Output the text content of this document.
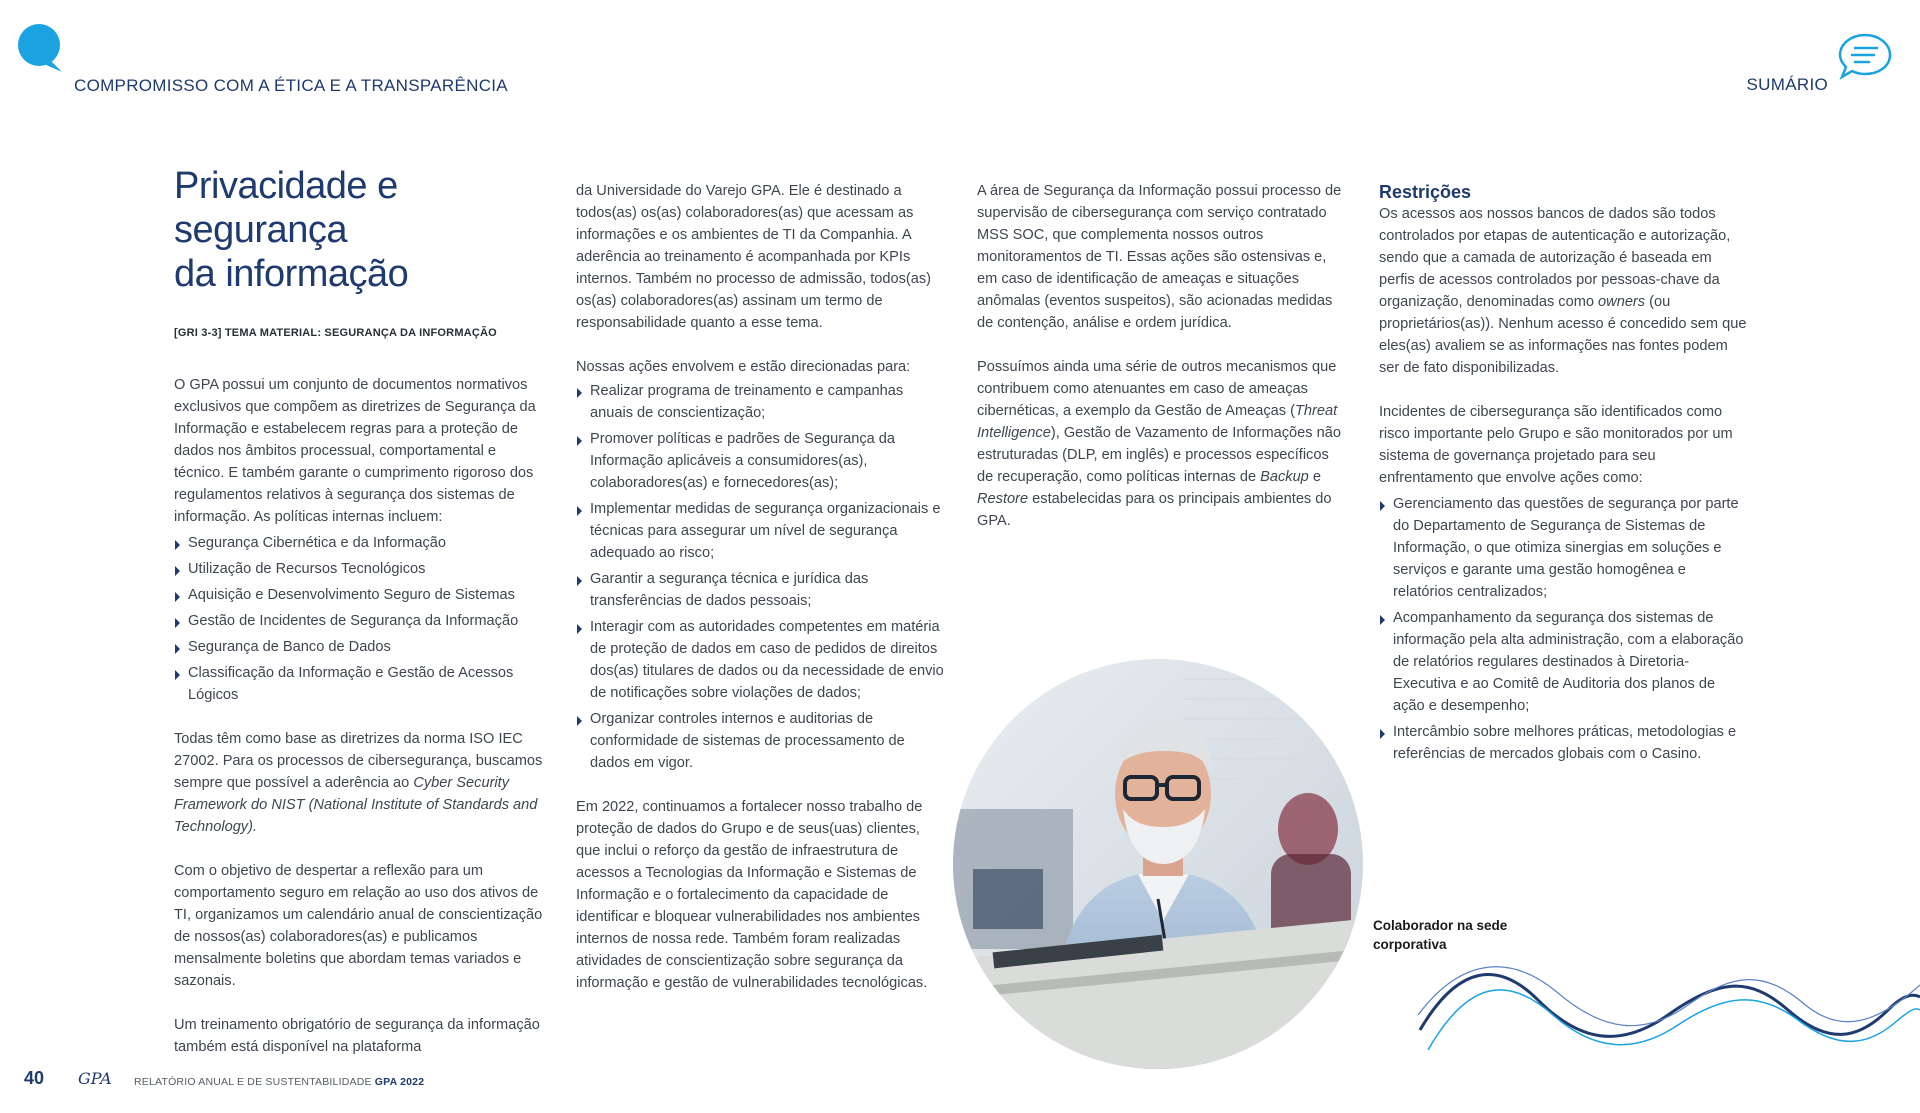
COMPROMISSO COM A ÉTICA E A TRANSPARÊNCIA	SUMÁRIO
Privacidade e segurança
da informação

[GRI 3-3] TEMA MATERIAL: SEGURANÇA DA INFORMAÇÃO

O GPA possui um conjunto de documentos normativos exclusivos que compõem as diretrizes de Segurança da Informação e estabelecem regras para a proteção de dados nos âmbitos processual, comportamental e técnico. E também garante o cumprimento rigoroso dos regulamentos relativos à segurança dos sistemas de informação. As políticas internas incluem:

Segurança Cibernética e da Informação
Utilização de Recursos Tecnológicos
Aquisição e Desenvolvimento Seguro de Sistemas
Gestão de Incidentes de Segurança da Informação
Segurança de Banco de Dados
Classificação da Informação e Gestão de Acessos Lógicos

Todas têm como base as diretrizes da norma ISO IEC 27002. Para os processos de cibersegurança, buscamos sempre que possível a aderência ao Cyber Security Framework do NIST (National Institute of Standards and Technology).

Com o objetivo de despertar a reflexão para um comportamento seguro em relação ao uso dos ativos de TI, organizamos um calendário anual de conscientização de nossos(as) colaboradores(as) e publicamos mensalmente boletins que abordam temas variados e sazonais.

Um treinamento obrigatório de segurança da informação também está disponível na plataforma

da Universidade do Varejo GPA. Ele é destinado a todos(as) os(as) colaboradores(as) que acessam as informações e os ambientes de TI da Companhia. A aderência ao treinamento é acompanhada por KPIs internos. Também no processo de admissão, todos(as) os(as) colaboradores(as) assinam um termo de responsabilidade quanto a esse tema.

Nossas ações envolvem e estão direcionadas para:

Realizar programa de treinamento e campanhas anuais de conscientização;
Promover políticas e padrões de Segurança da Informação aplicáveis a consumidores(as), colaboradores(as) e fornecedores(as);
Implementar medidas de segurança organizacionais e técnicas para assegurar um nível de segurança adequado ao risco;
Garantir a segurança técnica e jurídica das transferências de dados pessoais;
Interagir com as autoridades competentes em matéria de proteção de dados em caso de pedidos de direitos dos(as) titulares de dados ou da necessidade de envio de notificações sobre violações de dados;
Organizar controles internos e auditorias de conformidade de sistemas de processamento de dados em vigor.

Em 2022, continuamos a fortalecer nosso trabalho de proteção de dados do Grupo e de seus(uas) clientes, que inclui o reforço da gestão de infraestrutura de acessos a Tecnologias da Informação e Sistemas de Informação e o fortalecimento da capacidade de identificar e bloquear vulnerabilidades nos ambientes internos de nossa rede. Também foram realizadas atividades de conscientização sobre segurança da informação e gestão de vulnerabilidades tecnológicas.

A área de Segurança da Informação possui processo de supervisão de cibersegurança com serviço contratado MSS SOC, que complementa nossos outros monitoramentos de TI. Essas ações são ostensivas e, em caso de identificação de ameaças e situações anômalas (eventos suspeitos), são acionadas medidas de contenção, análise e ordem jurídica.

Possuímos ainda uma série de outros mecanismos que contribuem como atenuantes em caso de ameaças cibernéticas, a exemplo da Gestão de Ameaças (Threat Intelligence), Gestão de Vazamento de Informações não estruturadas (DLP, em inglês) e processos específicos de recuperação, como políticas internas de Backup e Restore estabelecidas para os principais ambientes do GPA.

Restrições

Os acessos aos nossos bancos de dados são todos controlados por etapas de autenticação e autorização, sendo que a camada de autorização é baseada em perfis de acessos controlados por pessoas-chave da organização, denominadas como owners (ou proprietários(as)). Nenhum acesso é concedido sem que eles(as) avaliem se as informações nas fontes podem ser de fato disponibilizadas.

Incidentes de cibersegurança são identificados como risco importante pelo Grupo e são monitorados por um sistema de governança projetado para seu enfrentamento que envolve ações como:

Gerenciamento das questões de segurança por parte do Departamento de Segurança de Sistemas de Informação, o que otimiza sinergias em soluções e serviços e garante uma gestão homogênea e relatórios centralizados;
Acompanhamento da segurança dos sistemas de informação pela alta administração, com a elaboração de relatórios regulares destinados à Diretoria-Executiva e ao Comitê de Auditoria dos planos de ação e desempenho;
Intercâmbio sobre melhores práticas, metodologias e referências de mercados globais com o Casino.
Colaborador na sede corporativa
40 GPA RELATÓRIO ANUAL E DE SUSTENTABILIDADE GPA 2022
